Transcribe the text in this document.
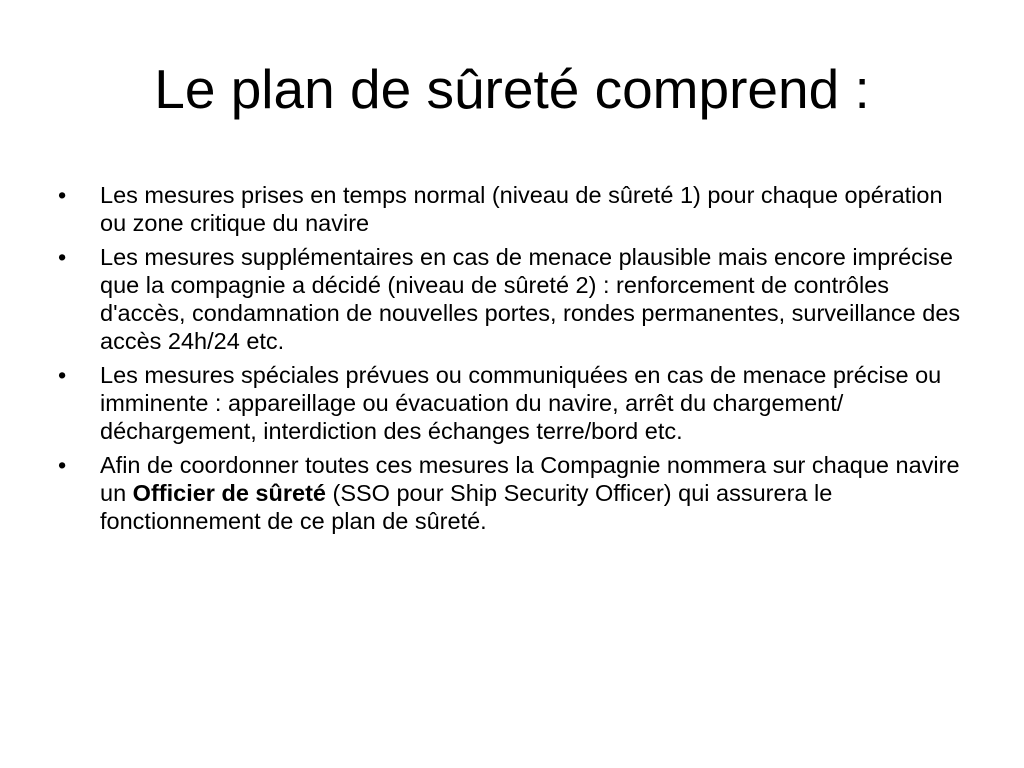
Le plan de sûreté comprend :
•	Les mesures prises en temps normal (niveau de sûreté 1) pour chaque opération ou zone critique du navire
•	Les mesures supplémentaires en cas de menace plausible mais encore imprécise que la compagnie a décidé (niveau de sûreté 2) : renforcement de contrôles d'accès, condamnation de nouvelles portes, rondes permanentes, surveillance des accès 24h/24 etc.
•	Les mesures spéciales prévues ou communiquées en cas de menace précise ou imminente : appareillage ou évacuation du navire, arrêt du chargement/ déchargement, interdiction des échanges terre/bord etc.
•	Afin de coordonner toutes ces mesures la Compagnie nommera sur chaque navire un Officier de sûreté (SSO pour Ship Security Officer) qui assurera le fonctionnement de ce plan de sûreté.
